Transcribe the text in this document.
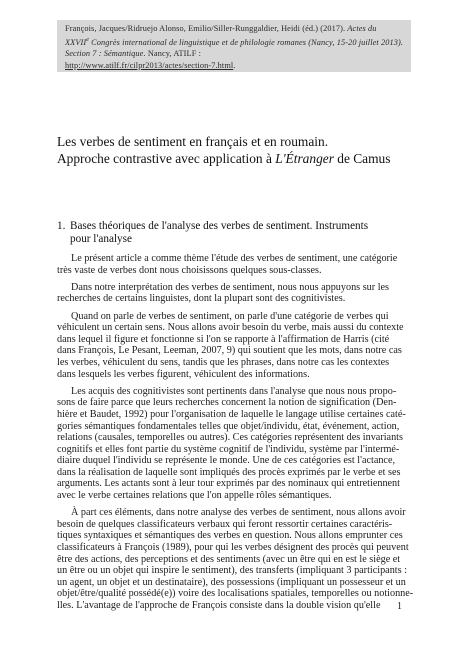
François, Jacques/Ridruejo Alonso, Emilio/Siller-Runggaldier, Heidi (éd.) (2017). Actes du
XXVIIe Congrès international de linguistique et de philologie romanes (Nancy, 15-20 juillet 2013).
Section 7 : Sémantique. Nancy, ATILF :
http://www.atilf.fr/cilpr2013/actes/section-7.html.
Les verbes de sentiment en français et en roumain.
Approche contrastive avec application à L'Étranger de Camus
1. Bases théoriques de l'analyse des verbes de sentiment. Instruments
pour l'analyse
Le présent article a comme thème l'étude des verbes de sentiment, une catégorie
très vaste de verbes dont nous choisissons quelques sous-classes.
Dans notre interprétation des verbes de sentiment, nous nous appuyons sur les
recherches de certains linguistes, dont la plupart sont des cognitivistes.
Quand on parle de verbes de sentiment, on parle d'une catégorie de verbes qui
véhiculent un certain sens. Nous allons avoir besoin du verbe, mais aussi du contexte
dans lequel il figure et fonctionne si l'on se rapporte à l'affirmation de Harris (cité
dans François, Le Pesant, Leeman, 2007, 9) qui soutient que les mots, dans notre cas
les verbes, véhiculent du sens, tandis que les phrases, dans notre cas les contextes
dans lesquels les verbes figurent, véhiculent des informations.
Les acquis des cognitivistes sont pertinents dans l'analyse que nous nous propo-
sons de faire parce que leurs recherches concernent la notion de signification (Den-
hière et Baudet, 1992) pour l'organisation de laquelle le langage utilise certaines caté-
gories sémantiques fondamentales telles que objet/individu, état, événement, action,
relations (causales, temporelles ou autres). Ces catégories représentent des invariants
cognitifs et elles font partie du système cognitif de l'individu, système par l'intermé-
diaire duquel l'individu se représente le monde. Une de ces catégories est l'actance,
dans la réalisation de laquelle sont impliqués des procès exprimés par le verbe et ses
arguments. Les actants sont à leur tour exprimés par des nominaux qui entretiennent
avec le verbe certaines relations que l'on appelle rôles sémantiques.
À part ces éléments, dans notre analyse des verbes de sentiment, nous allons avoir
besoin de quelques classificateurs verbaux qui feront ressortir certaines caractéris-
tiques syntaxiques et sémantiques des verbes en question. Nous allons emprunter ces
classificateurs à François (1989), pour qui les verbes désignent des procès qui peuvent
être des actions, des perceptions et des sentiments (avec un être qui en est le siège et
un être ou un objet qui inspire le sentiment), des transferts (impliquant 3 participants :
un agent, un objet et un destinataire), des possessions (impliquant un possesseur et un
objet/être/qualité possédé(e)) voire des localisations spatiales, temporelles ou notionne-
lles. L'avantage de l'approche de François consiste dans la double vision qu'elle	1
